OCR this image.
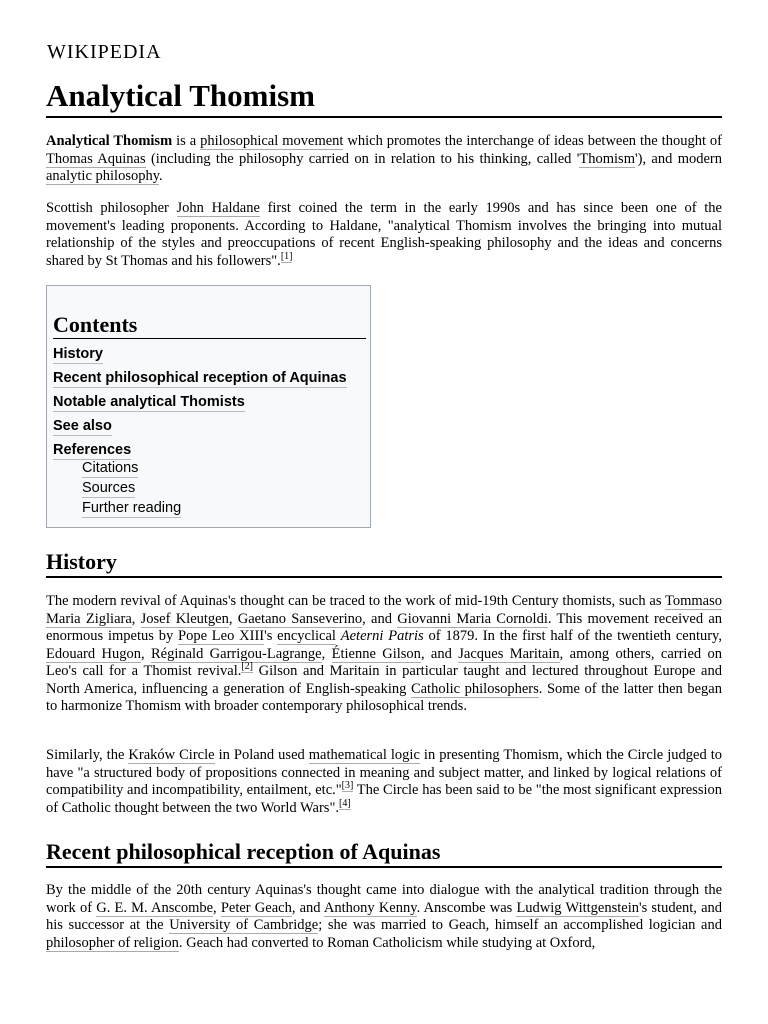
WIKIPEDIA
Analytical Thomism

Analytical Thomism is a philosophical movement which promotes the interchange of ideas between the thought of Thomas Aquinas (including the philosophy carried on in relation to his thinking, called 'Thomism'), and modern analytic philosophy.

Scottish philosopher John Haldane first coined the term in the early 1990s and has since been one of the movement's leading proponents. According to Haldane, "analytical Thomism involves the bringing into mutual relationship of the styles and preoccupations of recent English-speaking philosophy and the ideas and concerns shared by St Thomas and his followers".[1]

Contents
History
Recent philosophical reception of Aquinas
Notable analytical Thomists
See also
References
Citations
Sources
Further reading
History

The modern revival of Aquinas's thought can be traced to the work of mid-19th Century thomists, such as Tommaso Maria Zigliara, Josef Kleutgen, Gaetano Sanseverino, and Giovanni Maria Cornoldi. This movement received an enormous impetus by Pope Leo XIII's encyclical Aeterni Patris of 1879. In the first half of the twentieth century, Edouard Hugon, Réginald Garrigou-Lagrange, Étienne Gilson, and Jacques Maritain, among others, carried on Leo's call for a Thomist revival.[2] Gilson and Maritain in particular taught and lectured throughout Europe and North America, influencing a generation of English-speaking Catholic philosophers. Some of the latter then began to harmonize Thomism with broader contemporary philosophical trends.

Similarly, the Kraków Circle in Poland used mathematical logic in presenting Thomism, which the Circle judged to have "a structured body of propositions connected in meaning and subject matter, and linked by logical relations of compatibility and incompatibility, entailment, etc."[3] The Circle has been said to be "the most significant expression of Catholic thought between the two World Wars".[4]

Recent philosophical reception of Aquinas

By the middle of the 20th century Aquinas's thought came into dialogue with the analytical tradition through the work of G. E. M. Anscombe, Peter Geach, and Anthony Kenny. Anscombe was Ludwig Wittgenstein's student, and his successor at the University of Cambridge; she was married to Geach, himself an accomplished logician and philosopher of religion. Geach had converted to Roman Catholicism while studying at Oxford,
